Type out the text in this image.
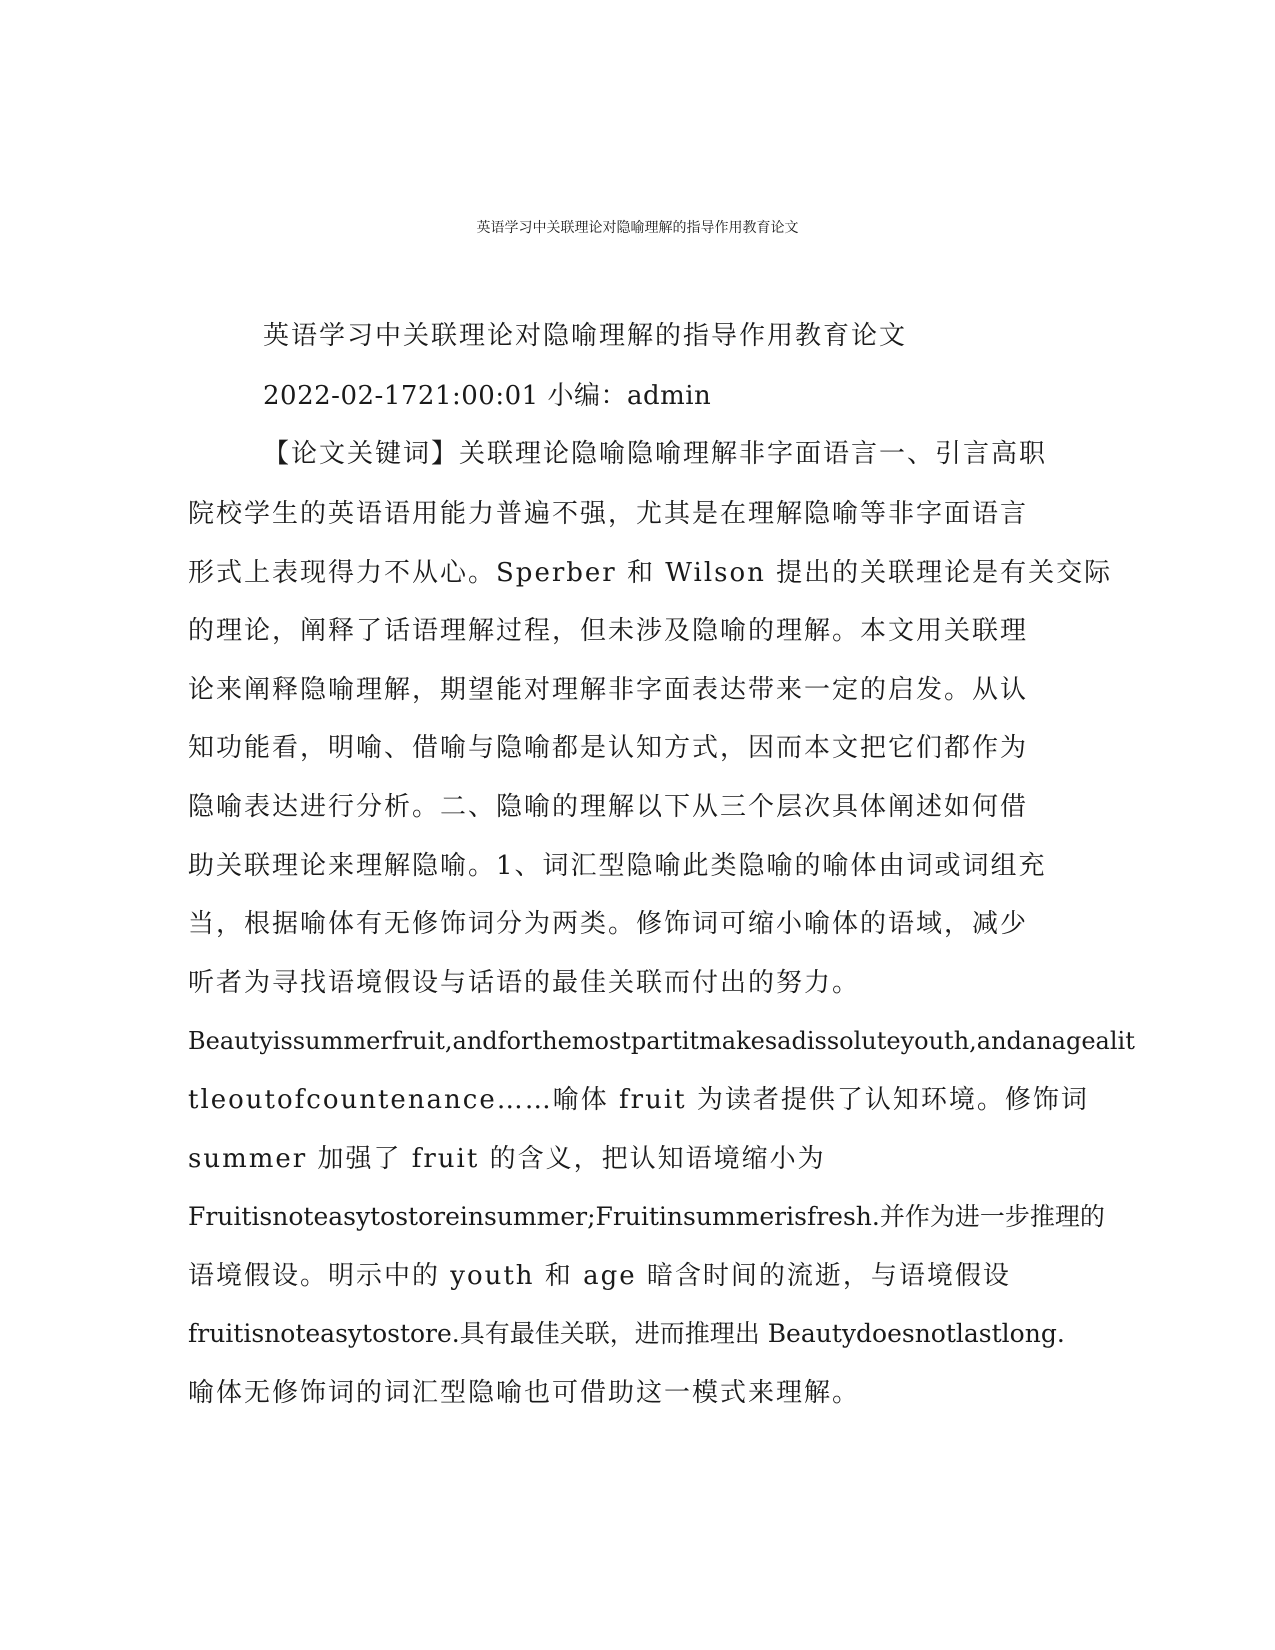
英语学习中关联理论对隐喻理解的指导作用教育论文

英语学习中关联理论对隐喻理解的指导作用教育论文

2022-02-1721:00:01 小编：admin

【论文关键词】关联理论隐喻隐喻理解非字面语言一、引言高职

院校学生的英语语用能力普遍不强，尤其是在理解隐喻等非字面语言

形式上表现得力不从心。Sperber 和 Wilson 提出的关联理论是有关交际

的理论，阐释了话语理解过程，但未涉及隐喻的理解。本文用关联理

论来阐释隐喻理解，期望能对理解非字面表达带来一定的启发。从认

知功能看，明喻、借喻与隐喻都是认知方式，因而本文把它们都作为

隐喻表达进行分析。二、隐喻的理解以下从三个层次具体阐述如何借

助关联理论来理解隐喻。1、词汇型隐喻此类隐喻的喻体由词或词组充

当，根据喻体有无修饰词分为两类。修饰词可缩小喻体的语域，减少

听者为寻找语境假设与话语的最佳关联而付出的努力。

Beautyissummerfruit,andforthemostpartitmakesadissoluteyouth,andanagealit

tleoutofcountenance……喻体 fruit 为读者提供了认知环境。修饰词

summer 加强了 fruit 的含义，把认知语境缩小为

Fruitisnoteasytostoreinsummer;Fruitinsummerisfresh.并作为进一步推理的

语境假设。明示中的 youth 和 age 暗含时间的流逝，与语境假设

fruitisnoteasytostore.具有最佳关联，进而推理出 Beautydoesnotlastlong.

喻体无修饰词的词汇型隐喻也可借助这一模式来理解。
